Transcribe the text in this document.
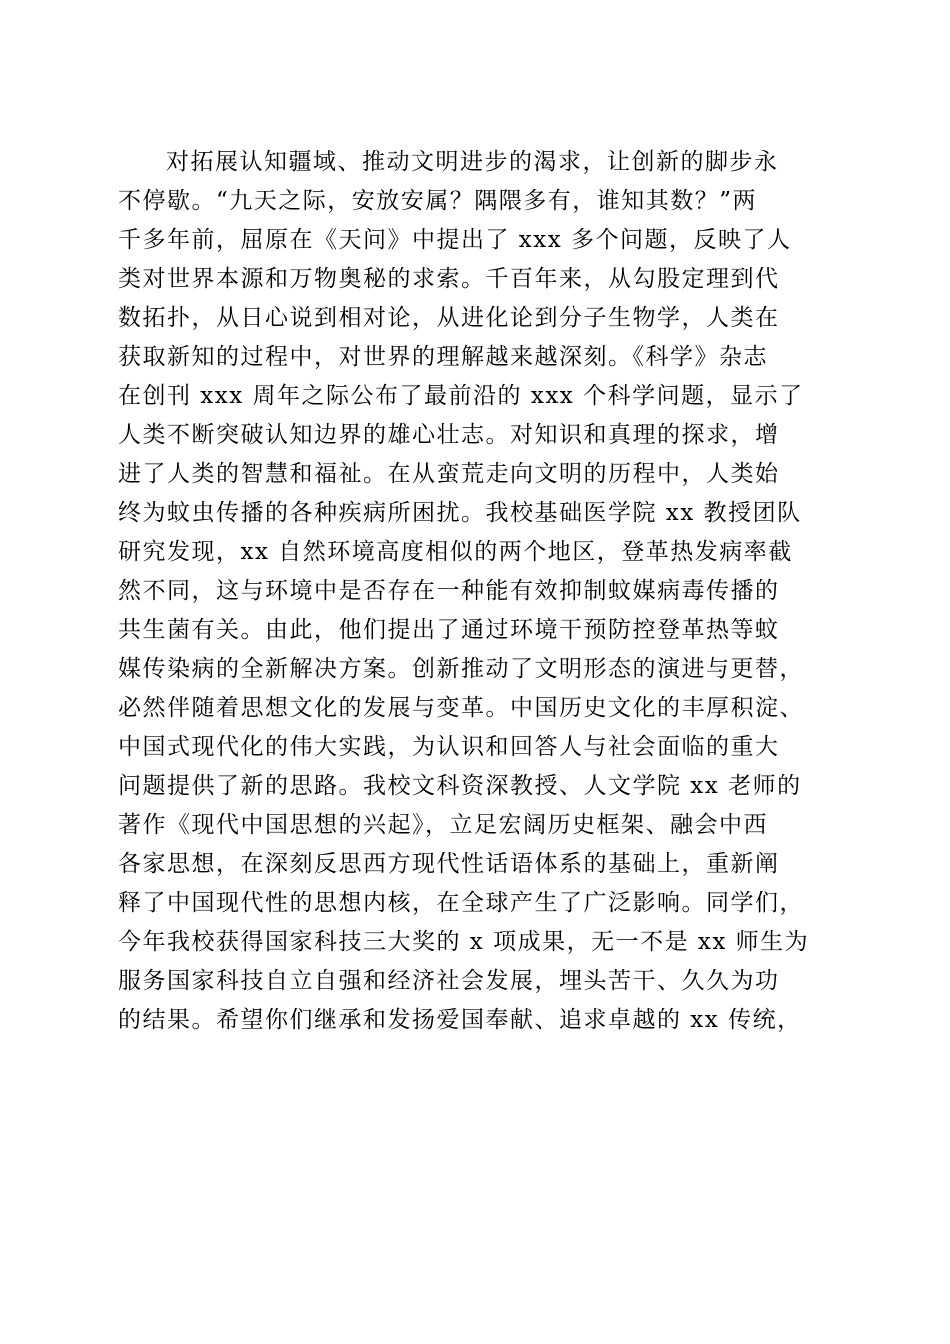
对拓展认知疆域、推动文明进步的渴求，让创新的脚步永
不停歇。“九天之际，安放安属？隅隈多有，谁知其数？”两
千多年前，屈原在《天问》中提出了 xxx 多个问题，反映了人
类对世界本源和万物奥秘的求索。千百年来，从勾股定理到代
数拓扑，从日心说到相对论，从进化论到分子生物学，人类在
获取新知的过程中，对世界的理解越来越深刻。《科学》杂志
在创刊 xxx 周年之际公布了最前沿的 xxx 个科学问题，显示了
人类不断突破认知边界的雄心壮志。对知识和真理的探求，增
进了人类的智慧和福祉。在从蛮荒走向文明的历程中，人类始
终为蚊虫传播的各种疾病所困扰。我校基础医学院 xx 教授团队
研究发现，xx 自然环境高度相似的两个地区，登革热发病率截
然不同，这与环境中是否存在一种能有效抑制蚊媒病毒传播的
共生菌有关。由此，他们提出了通过环境干预防控登革热等蚊
媒传染病的全新解决方案。创新推动了文明形态的演进与更替，
必然伴随着思想文化的发展与变革。中国历史文化的丰厚积淀、
中国式现代化的伟大实践，为认识和回答人与社会面临的重大
问题提供了新的思路。我校文科资深教授、人文学院 xx 老师的
著作《现代中国思想的兴起》，立足宏阔历史框架、融会中西
各家思想，在深刻反思西方现代性话语体系的基础上，重新阐
释了中国现代性的思想内核，在全球产生了广泛影响。同学们，
今年我校获得国家科技三大奖的 x 项成果，无一不是 xx 师生为
服务国家科技自立自强和经济社会发展，埋头苦干、久久为功
的结果。希望你们继承和发扬爱国奉献、追求卓越的 xx 传统，
